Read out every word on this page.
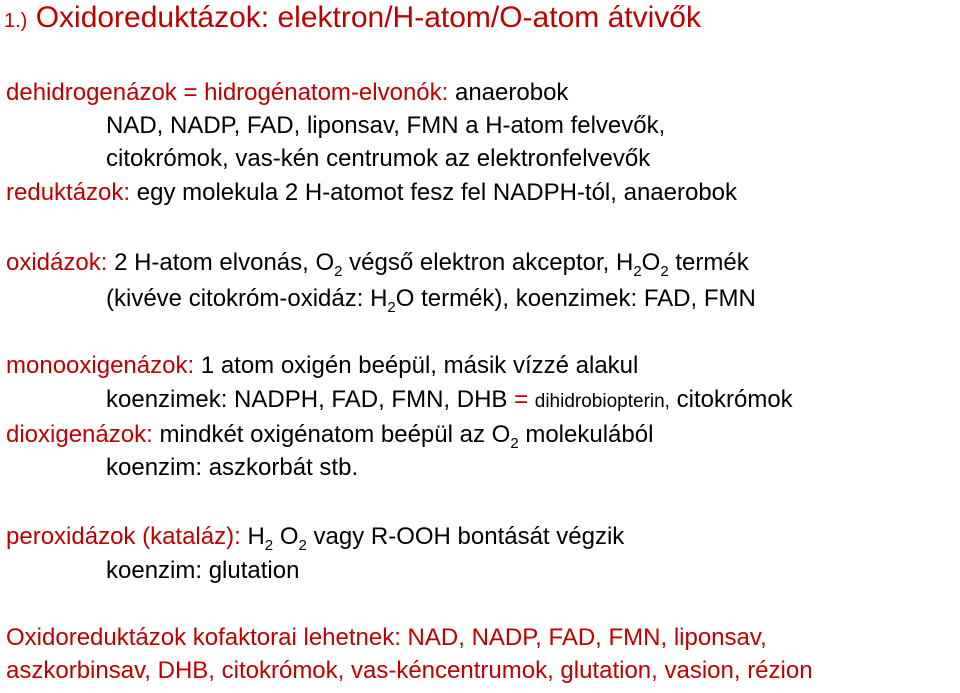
1.) Oxidoreduktázok: elektron/H-atom/O-atom átvivők
dehidrogenázok = hidrogénatom-elvonók: anaerobok
NAD, NADP, FAD, liponsav, FMN a H-atom felvevők,
citokrómok, vas-kén centrumok az elektronfelvevők
reduktázok: egy molekula 2 H-atomot fesz fel NADPH-tól, anaerobok
oxidázok: 2 H-atom elvonás, $O_2$ végső elektron akceptor, $H_2O_2$ termék
(kivéve citokróm-oxidáz: $H_2O$ termék), koenzimek: FAD, FMN
monooxigenázok: 1 atom oxigén beépül, másik vízzé alakul
koenzimek: NADPH, FAD, FMN, DHB = dihidrobiopterin, citokrómok
dioxigenázok: mindkét oxigénatom beépül az $O_2$ molekulából
koenzim: aszkorbát stb.
peroxidázok (kataláz): $H_2$ $O_2$ vagy R-OOH bontását végzik
koenzim: glutation
Oxidoreduktázok kofaktorai lehetnek: NAD, NADP, FAD, FMN, liponsav,
aszkorbinsav, DHB, citokrómok, vas-kéncentrumok, glutation, vasion, rézion
